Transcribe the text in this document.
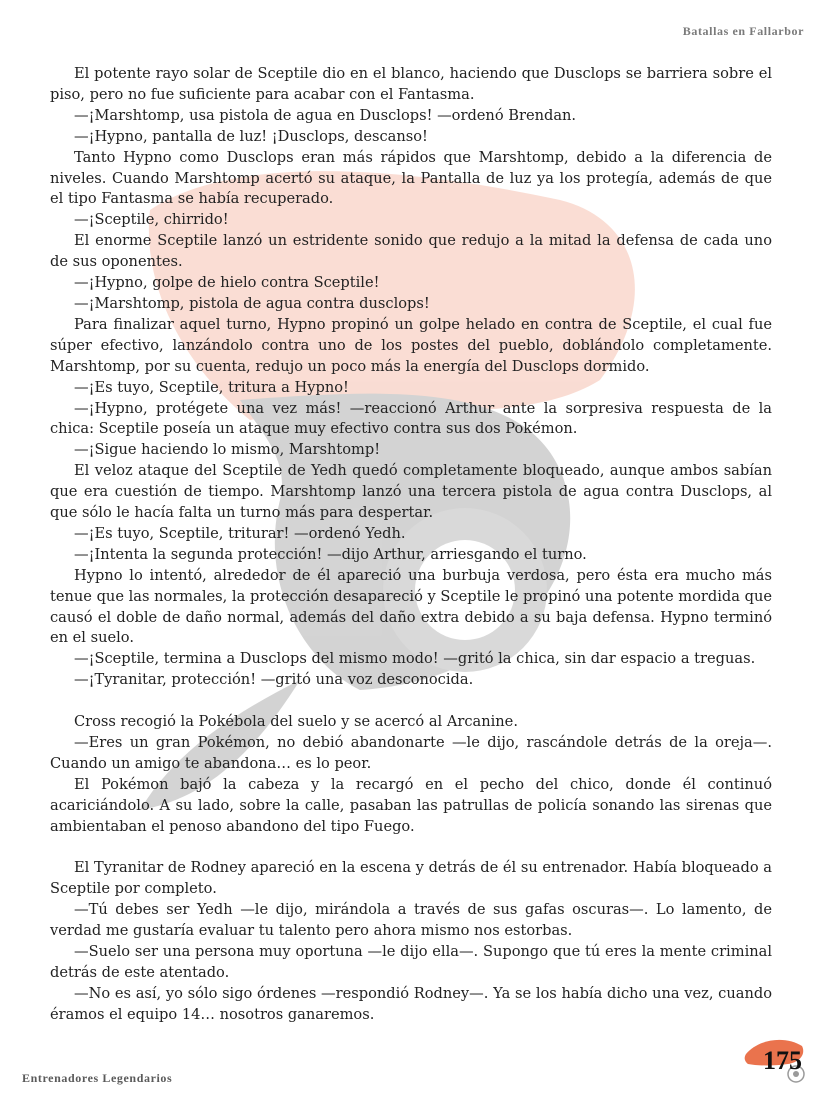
Batallas en Fallarbor

El potente rayo solar de Sceptile dio en el blanco, haciendo que Dusclops se barriera sobre el piso, pero no fue suficiente para acabar con el Fantasma.

—¡Marshtomp, usa pistola de agua en Dusclops! —ordenó Brendan.

—¡Hypno, pantalla de luz! ¡Dusclops, descanso!

Tanto Hypno como Dusclops eran más rápidos que Marshtomp, debido a la diferencia de niveles. Cuando Marshtomp acertó su ataque, la Pantalla de luz ya los protegía, además de que el tipo Fantasma se había recuperado.

—¡Sceptile, chirrido!

El enorme Sceptile lanzó un estridente sonido que redujo a la mitad la defensa de cada uno de sus oponentes.

—¡Hypno, golpe de hielo contra Sceptile!

—¡Marshtomp, pistola de agua contra dusclops!

Para finalizar aquel turno, Hypno propinó un golpe helado en contra de Sceptile, el cual fue súper efectivo, lanzándolo contra uno de los postes del pueblo, doblándolo completamente. Marshtomp, por su cuenta, redujo un poco más la energía del Dusclops dormido.

—¡Es tuyo, Sceptile, tritura a Hypno!

—¡Hypno, protégete una vez más! —reaccionó Arthur ante la sorpresiva respuesta de la chica: Sceptile poseía un ataque muy efectivo contra sus dos Pokémon.

—¡Sigue haciendo lo mismo, Marshtomp!

El veloz ataque del Sceptile de Yedh quedó completamente bloqueado, aunque ambos sabían que era cuestión de tiempo. Marshtomp lanzó una tercera pistola de agua contra Dusclops, al que sólo le hacía falta un turno más para despertar.

—¡Es tuyo, Sceptile, triturar! —ordenó Yedh.

—¡Intenta la segunda protección! —dijo Arthur, arriesgando el turno.

Hypno lo intentó, alrededor de él apareció una burbuja verdosa, pero ésta era mucho más tenue que las normales, la protección desapareció y Sceptile le propinó una potente mordida que causó el doble de daño normal, además del daño extra debido a su baja defensa. Hypno terminó en el suelo.

—¡Sceptile, termina a Dusclops del mismo modo! —gritó la chica, sin dar espacio a treguas.

—¡Tyranitar, protección! —gritó una voz desconocida.

Cross recogió la Pokébola del suelo y se acercó al Arcanine.

—Eres un gran Pokémon, no debió abandonarte —le dijo, rascándole detrás de la oreja—. Cuando un amigo te abandona… es lo peor.

El Pokémon bajó la cabeza y la recargó en el pecho del chico, donde él continuó acariciándolo. A su lado, sobre la calle, pasaban las patrullas de policía sonando las sirenas que ambientaban el penoso abandono del tipo Fuego.

El Tyranitar de Rodney apareció en la escena y detrás de él su entrenador. Había bloqueado a Sceptile por completo.

—Tú debes ser Yedh —le dijo, mirándola a través de sus gafas oscuras—. Lo lamento, de verdad me gustaría evaluar tu talento pero ahora mismo nos estorbas.

—Suelo ser una persona muy oportuna —le dijo ella—. Supongo que tú eres la mente criminal detrás de este atentado.

—No es así, yo sólo sigo órdenes —respondió Rodney—. Ya se los había dicho una vez, cuando éramos el equipo 14… nosotros ganaremos.

Entrenadores Legendarios
175
